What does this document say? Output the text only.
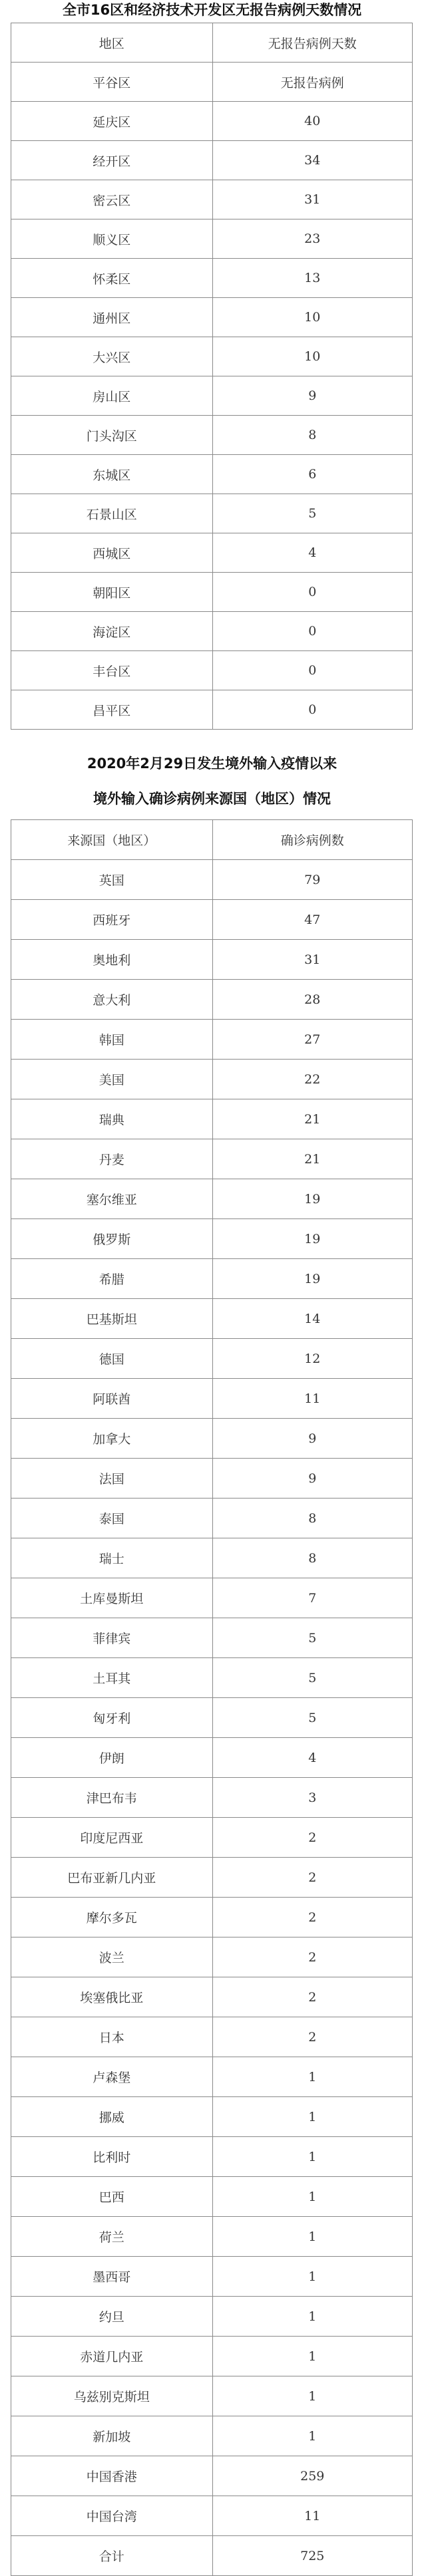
全市16区和经济技术开发区无报告病例天数情况
地区	无报告病例天数
平谷区	无报告病例
延庆区	40
经开区	34
密云区	31
顺义区	23
怀柔区	13
通州区	10
大兴区	10
房山区	9
门头沟区	8
东城区	6
石景山区	5
西城区	4
朝阳区	0
海淀区	0
丰台区	0
昌平区	0
2020年2月29日发生境外输入疫情以来
境外输入确诊病例来源国（地区）情况
来源国（地区）	确诊病例数
英国	79
西班牙	47
奥地利	31
意大利	28
韩国	27
美国	22
瑞典	21
丹麦	21
塞尔维亚	19
俄罗斯	19
希腊	19
巴基斯坦	14
德国	12
阿联酋	11
加拿大	9
法国	9
泰国	8
瑞士	8
土库曼斯坦	7
菲律宾	5
土耳其	5
匈牙利	5
伊朗	4
津巴布韦	3
印度尼西亚	2
巴布亚新几内亚	2
摩尔多瓦	2
波兰	2
埃塞俄比亚	2
日本	2
卢森堡	1
挪威	1
比利时	1
巴西	1
荷兰	1
墨西哥	1
约旦	1
赤道几内亚	1
乌兹别克斯坦	1
新加坡	1
中国香港	259
中国台湾	11
合计	725
